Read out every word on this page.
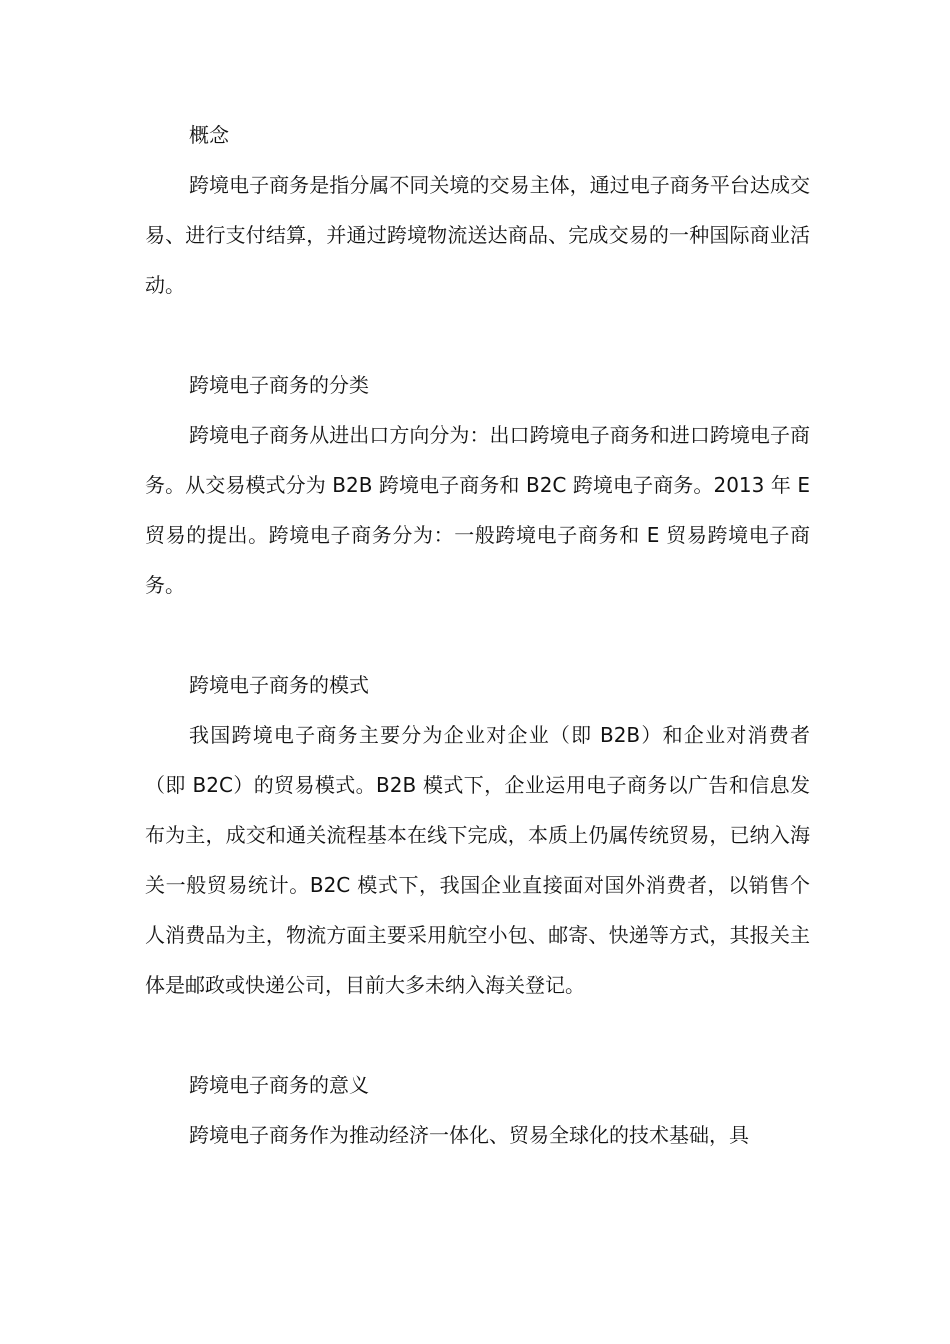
概念

跨境电子商务是指分属不同关境的交易主体，通过电子商务平台达成交易、进行支付结算，并通过跨境物流送达商品、完成交易的一种国际商业活动。

跨境电子商务的分类

跨境电子商务从进出口方向分为：出口跨境电子商务和进口跨境电子商务。从交易模式分为 B2B 跨境电子商务和 B2C 跨境电子商务。2013 年 E 贸易的提出。跨境电子商务分为：一般跨境电子商务和 E 贸易跨境电子商务。

跨境电子商务的模式

我国跨境电子商务主要分为企业对企业（即 B2B）和企业对消费者（即 B2C）的贸易模式。B2B 模式下，企业运用电子商务以广告和信息发布为主，成交和通关流程基本在线下完成，本质上仍属传统贸易，已纳入海关一般贸易统计。B2C 模式下，我国企业直接面对国外消费者，以销售个人消费品为主，物流方面主要采用航空小包、邮寄、快递等方式，其报关主体是邮政或快递公司，目前大多未纳入海关登记。

跨境电子商务的意义

跨境电子商务作为推动经济一体化、贸易全球化的技术基础，具
